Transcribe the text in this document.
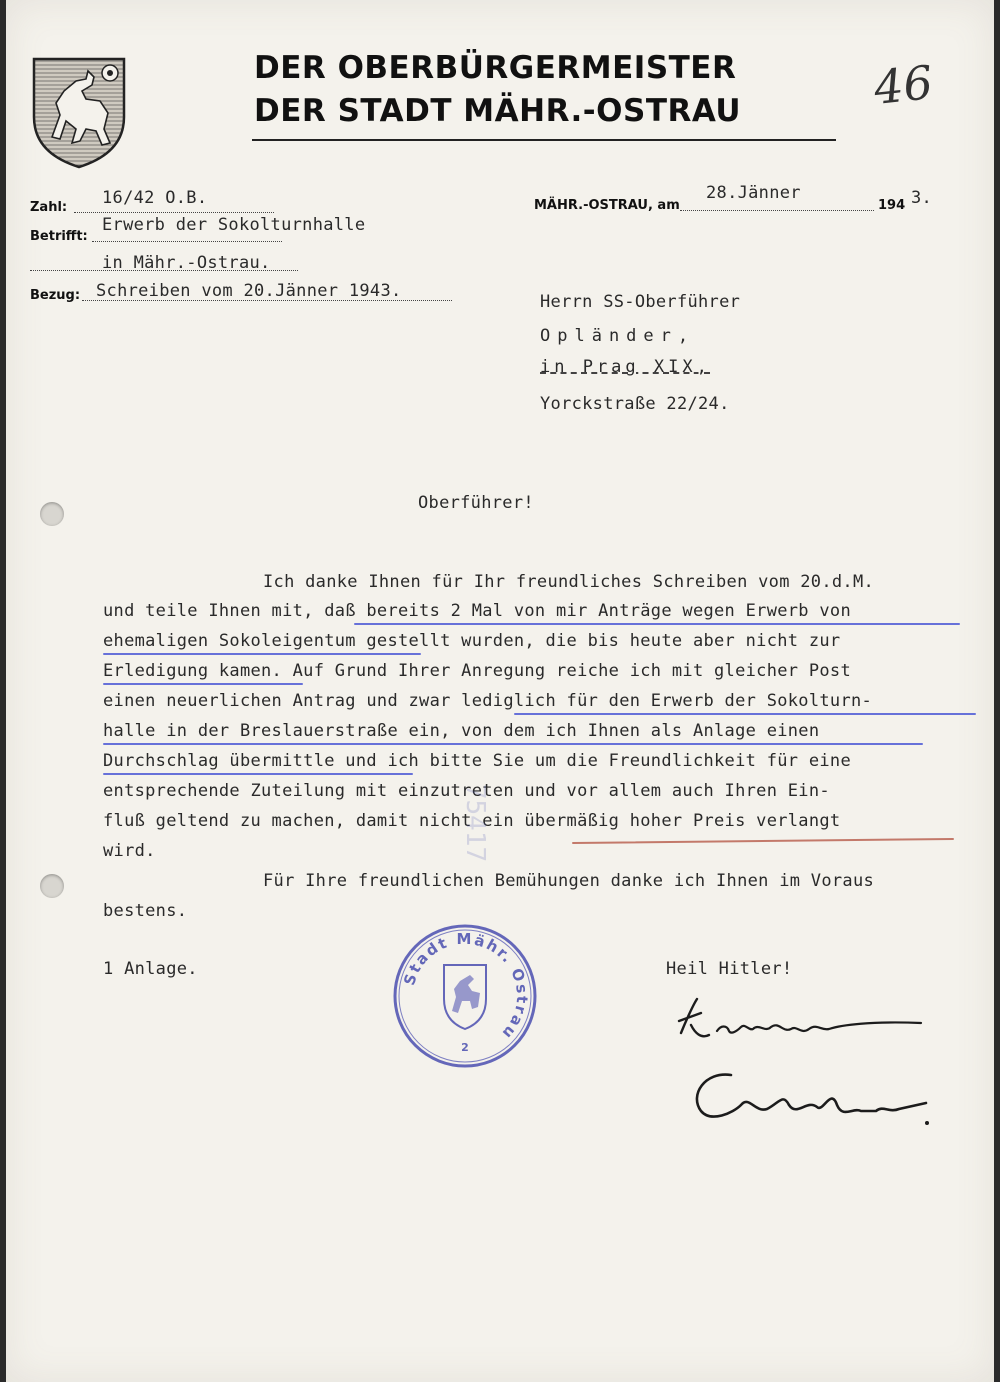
DER OBERBÜRGERMEISTER
DER STADT MÄHR.-OSTRAU	46
Zahl: 16/42 O.B.
Betrifft:
Erwerb der Sokolturnhalle
in Mähr.-Ostrau.
Bezug: Schreiben vom 20.Jänner 1943.
MÄHR.-OSTRAU, am
28.Jänner
194 3.
Herrn SS-Oberführer
Opländer,
in Prag XIX,
Yorckstraße 22/24.
Oberführer!
Ich danke Ihnen für Ihr freundliches Schreiben vom 20.d.M.
und teile Ihnen mit, daß bereits 2 Mal von mir Anträge wegen Erwerb von
ehemaligen Sokoleigentum gestellt wurden, die bis heute aber nicht zur
Erledigung kamen. Auf Grund Ihrer Anregung reiche ich mit gleicher Post
einen neuerlichen Antrag und zwar lediglich für den Erwerb der Sokolturn-
halle in der Breslauerstraße ein, von dem ich Ihnen als Anlage einen
Durchschlag übermittle und ich bitte Sie um die Freundlichkeit für eine
entsprechende Zuteilung mit einzutreten und vor allem auch Ihren Ein-
fluß geltend zu machen, damit nicht ein übermäßig hoher Preis verlangt
wird.
Für Ihre freundlichen Bemühungen danke ich Ihnen im Voraus
bestens.
75417
1 Anlage.	Heil Hitler!
Stadt Mähr. Ostrau
2
